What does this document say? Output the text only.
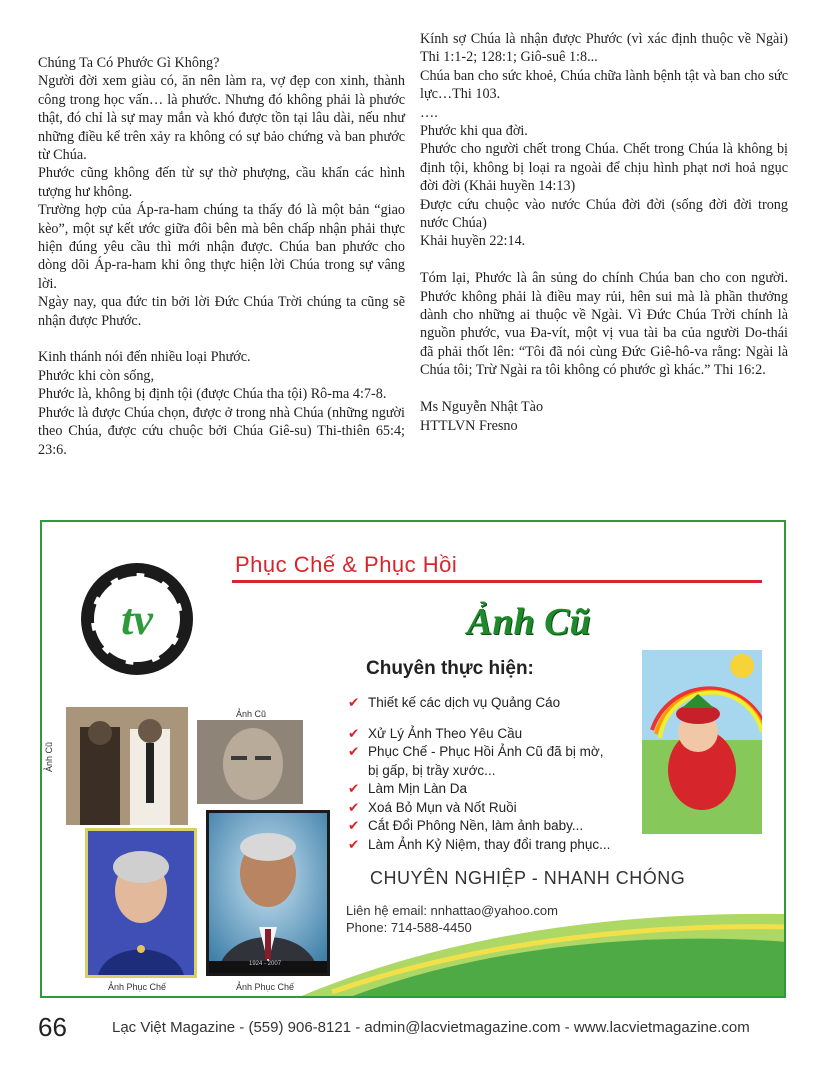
Chúng Ta Có Phước Gì Không?

Người đời xem giàu có, ăn nên làm ra, vợ đẹp con xinh, thành công trong học vấn… là phước. Nhưng đó không phải là phước thật, đó chỉ là sự may mắn và khó được tồn tại lâu dài, nếu như những điều kể trên xảy ra không có sự bảo chứng và ban phước từ Chúa.

Phước cũng không đến từ sự thờ phượng, cầu khẩn các hình tượng hư không.

Trường hợp của Áp-ra-ham chúng ta thấy đó là một bản “giao kèo”, một sự kết ước giữa đôi bên mà bên chấp nhận phải thực hiện đúng yêu cầu thì mới nhận được. Chúa ban phước cho dòng dõi Áp-ra-ham khi ông thực hiện lời Chúa trong sự vâng lời.

Ngày nay, qua đức tin bởi lời Đức Chúa Trời chúng ta cũng sẽ nhận được Phước.

Kinh thánh nói đến nhiều loại Phước.

Phước khi còn sống,

Phước là, không bị định tội (được Chúa tha tội) Rô-ma 4:7-8.

Phước là được Chúa chọn, được ở trong nhà Chúa (những người theo Chúa, được cứu chuộc bởi Chúa Giê-su) Thi-thiên 65:4; 23:6.

Kính sợ Chúa là nhận được Phước (vì xác định thuộc về Ngài) Thi 1:1-2; 128:1; Giô-suê 1:8...

Chúa ban cho sức khoẻ, Chúa chữa lành bệnh tật và ban cho sức lực…Thi 103.

….

Phước khi qua đời.

Phước cho người chết trong Chúa. Chết trong Chúa là không bị định tội, không bị loại ra ngoài để chịu hình phạt nơi hoả ngục đời đời (Khải huyền 14:13)

Được cứu chuộc vào nước Chúa đời đời (sống đời đời trong nước Chúa)

Khải huyền 22:14.

Tóm lại, Phước là ân sủng do chính Chúa ban cho con người. Phước không phải là điều may rủi, hên sui mà là phần thưởng dành cho những ai thuộc về Ngài. Vì Đức Chúa Trời chính là nguồn phước, vua Đa-vít, một vị vua tài ba của người Do-thái đã phải thốt lên: “Tôi đã nói cùng Đức Giê-hô-va rằng: Ngài là Chúa tôi; Trừ Ngài ra tôi không có phước gì khác.” Thi 16:2.

Ms Nguyễn Nhật Tào

HTTLVN Fresno

tv
Phục Chế & Phục Hồi
Ảnh Cũ
Ảnh Cũ
Ảnh Cũ
Ảnh Phục Chế
1924 - 2007
Ảnh Phục Chế
Chuyên thực hiện:
✔ Thiết kế các dịch vụ Quảng Cáo
✔ Xử Lý Ảnh Theo Yêu Cầu
✔ Phục Chế - Phục Hồi Ảnh Cũ đã bị mờ,
bị gấp, bị trầy xước...
✔ Làm Mịn Làn Da
✔ Xoá Bỏ Mụn và Nốt Ruồi
✔ Cắt Đổi Phông Nền, làm ảnh baby...
✔ Làm Ảnh Kỷ Niệm, thay đổi trang phục...
CHUYÊN NGHIỆP - NHANH CHÓNG
Liên hệ email: nnhattao@yahoo.com
Phone: 714-588-4450
66	Lạc Việt Magazine - (559) 906-8121 - admin@lacvietmagazine.com - www.lacvietmagazine.com
